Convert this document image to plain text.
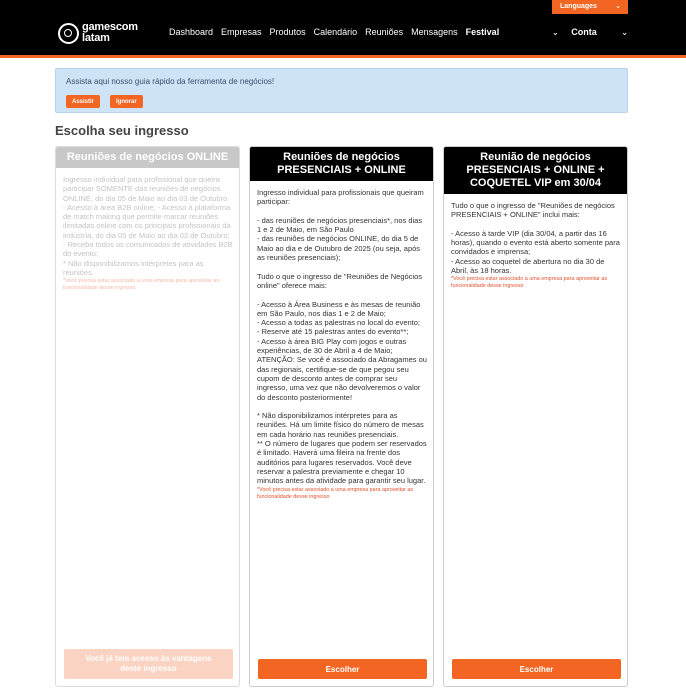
Languages	⌄
gamescom
latam	Dashboard Empresas Produtos Calendário Reuniões Mensagens Festival	⌄ Conta	⌄
Assista aqui nosso guia rápido da ferramenta de negócios!
Assistir	Ignorar
Escolha seu ingresso
Reuniões de negócios ONLINE

Ingresso individual para profissional que queira participar SOMENTE das reuniões de negócios ONLINE, do dia 05 de Maio ao dia 03 de Outubro
- Acesso à área B2B online; - Acesso à plataforma de match making que permite marcar reuniões ilimitadas online com os principais profissionais da indústria, do dia 05 de Maio ao dia 03 de Outubro; - Receba todos os comunicados de atividades B2B do evento;
* Não disponibilizamos intérpretes para as reuniões.

*Você precisa estar associado a uma empresa para aproveitar as funcionalidade desse ingresso

Você já tem acesso às vantagens deste ingresso
Reuniões de negócios PRESENCIAIS + ONLINE

Ingresso individual para profissionais que queiram participar:

- das reuniões de negócios presenciais*, nos dias 1 e 2 de Maio, em São Paulo
- das reuniões de negócios ONLINE, do dia 5 de Maio ao dia e de Outubro de 2025 (ou seja, após as reuniões presenciais);

Tudo o que o ingresso de "Reuniões de Negócios online" oferece mais:

- Acesso à Área Business e às mesas de reunião em São Paulo, nos dias 1 e 2 de Maio;
- Acesso a todas as palestras no local do evento;
- Reserve até 15 palestras antes do evento**;
- Acesso à área BIG Play com jogos e outras experiências, de 30 de Abril a 4 de Maio;
ATENÇÃO: Se você é associado da Abragames ou das regionais, certifique-se de que pegou seu cupom de desconto antes de comprar seu ingresso, uma vez que não devolveremos o valor do desconto posteriormente!

* Não disponibilizamos intérpretes para as reuniões. Há um limite físico do número de mesas em cada horário nas reuniões presenciais.
** O número de lugares que podem ser reservados é limitado. Haverá uma fileira na frente dos auditórios para lugares reservados. Você deve reservar a palestra previamente e chegar 10 minutos antes da atividade para garantir seu lugar.

*Você precisa estar associado a uma empresa para aproveitar as funcionalidade desse ingresso

Escolher
Reunião de negócios PRESENCIAIS + ONLINE + COQUETEL VIP em 30/04

Tudo o que o ingresso de "Reuniões de negócios PRESENCIAIS + ONLINE" inclui mais:

- Acesso à tarde VIP (dia 30/04, a partir das 16 horas), quando o evento está aberto somente para convidados e imprensa;
- Acesso ao coquetel de abertura no dia 30 de Abril, às 18 horas.

*Você precisa estar associado a uma empresa para aproveitar as funcionalidade desse ingresso

Escolher
